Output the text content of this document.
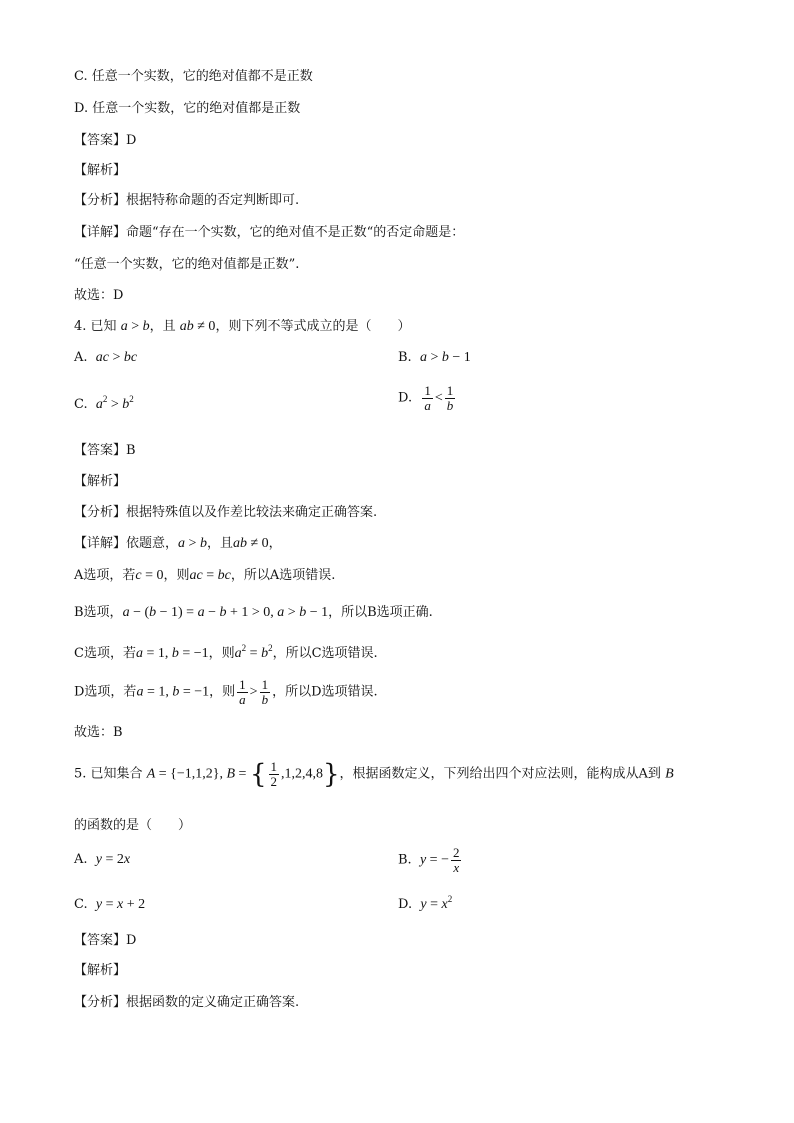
C. 任意一个实数，它的绝对值都不是正数
D. 任意一个实数，它的绝对值都是正数
【答案】D
【解析】
【分析】根据特称命题的否定判断即可.
【详解】命题“存在一个实数，它的绝对值不是正数“的否定命题是：
“任意一个实数，它的绝对值都是正数”.
故选：D
4. 已知 a > b，且 ab ≠ 0，则下列不等式成立的是（　　）
A. ac > bc	B. a > b − 1
C. $a^2 > b^2$	D. $\frac{1}{a} < \frac{1}{b}$
【答案】B
【解析】
【分析】根据特殊值以及作差比较法来确定正确答案.
【详解】依题意，a > b，且ab ≠ 0，
A选项，若c = 0，则ac = bc，所以A选项错误.
B选项，a − (b − 1) = a − b + 1 > 0, a > b − 1，所以B选项正确.
C选项，若a = 1, b = −1，则$a^2 = b^2$，所以C选项错误.
D选项，若a = 1, b = −1，则 $\frac{1}{a} > \frac{1}{b}$ ，所以D选项错误.
故选：B
5. 已知集合 A = {−1,1,2}, B = { $\frac{1}{2} ,1,2,4,8$}，根据函数定义，下列给出四个对应法则，能构成从A到 B
的函数的是（　　）
A. y = 2x	B. y = − $\frac{2}{x}$
C. y = x + 2	D. $y = x^2$
【答案】D
【解析】
【分析】根据函数的定义确定正确答案.
